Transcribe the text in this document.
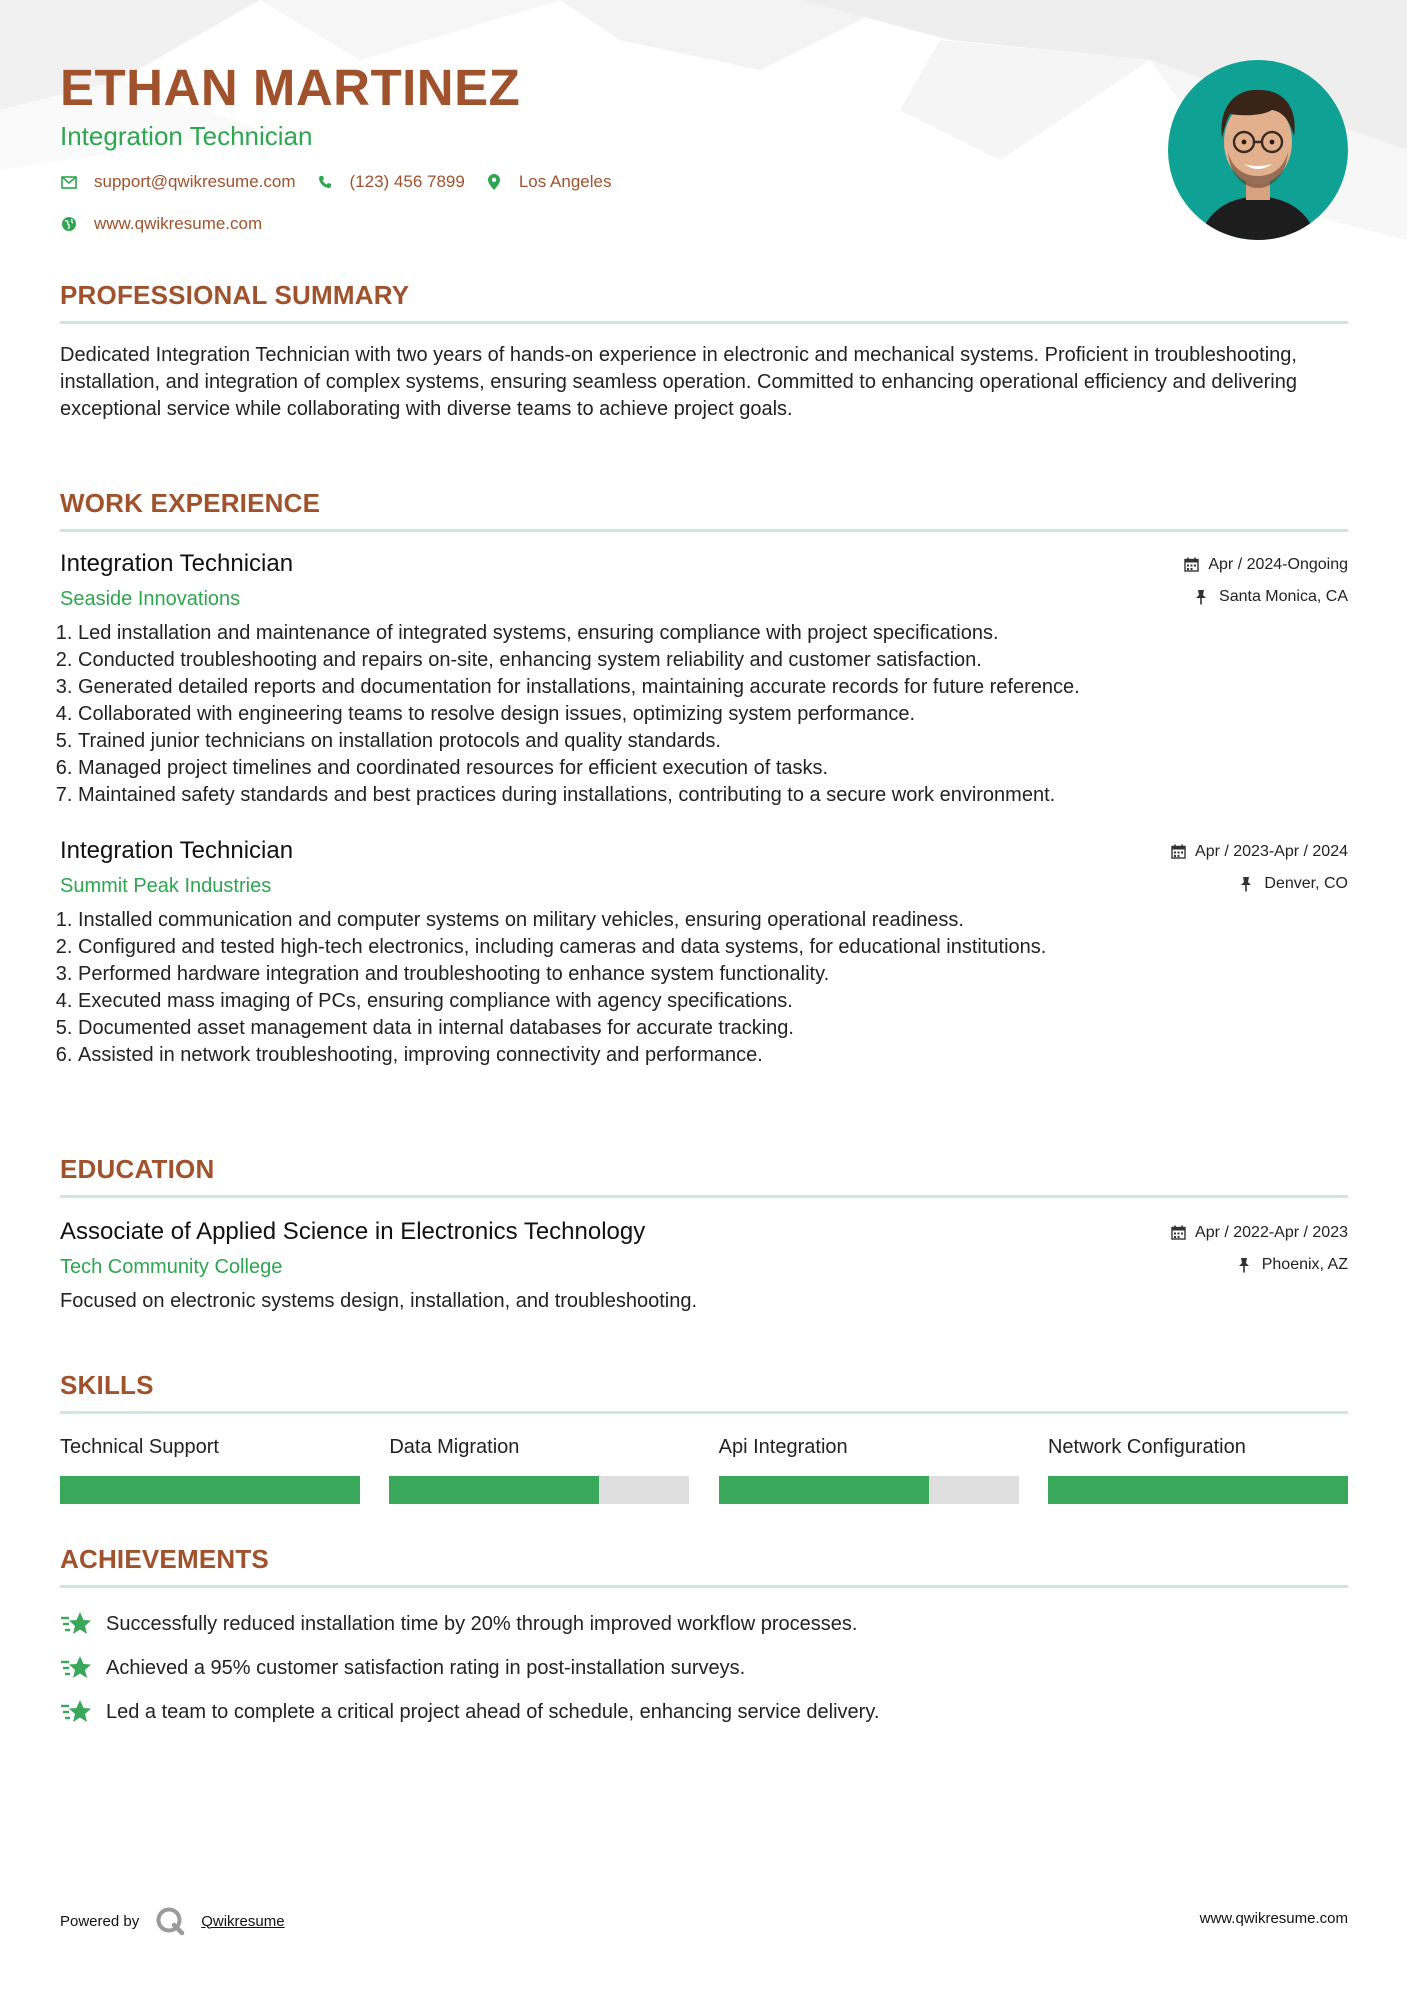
ETHAN MARTINEZ
Integration Technician
support@qwikresume.com	(123) 456 7899	Los Angeles
www.qwikresume.com
PROFESSIONAL SUMMARY

Dedicated Integration Technician with two years of hands-on experience in electronic and mechanical systems. Proficient in troubleshooting, installation, and integration of complex systems, ensuring seamless operation. Committed to enhancing operational efficiency and delivering exceptional service while collaborating with diverse teams to achieve project goals.

WORK EXPERIENCE
Integration Technician
Seaside Innovations
Apr / 2024-Ongoing
Santa Monica, CA
1. Led installation and maintenance of integrated systems, ensuring compliance with project specifications.
2. Conducted troubleshooting and repairs on-site, enhancing system reliability and customer satisfaction.
3. Generated detailed reports and documentation for installations, maintaining accurate records for future reference.
4. Collaborated with engineering teams to resolve design issues, optimizing system performance.
5. Trained junior technicians on installation protocols and quality standards.
6. Managed project timelines and coordinated resources for efficient execution of tasks.
7. Maintained safety standards and best practices during installations, contributing to a secure work environment.
Integration Technician
Summit Peak Industries
Apr / 2023-Apr / 2024
Denver, CO
1. Installed communication and computer systems on military vehicles, ensuring operational readiness.
2. Configured and tested high-tech electronics, including cameras and data systems, for educational institutions.
3. Performed hardware integration and troubleshooting to enhance system functionality.
4. Executed mass imaging of PCs, ensuring compliance with agency specifications.
5. Documented asset management data in internal databases for accurate tracking.
6. Assisted in network troubleshooting, improving connectivity and performance.
EDUCATION
Associate of Applied Science in Electronics Technology
Tech Community College
Apr / 2022-Apr / 2023
Phoenix, AZ

Focused on electronic systems design, installation, and troubleshooting.

SKILLS
Technical Support	Data Migration	Api Integration	Network Configuration
ACHIEVEMENTS
Successfully reduced installation time by 20% through improved workflow processes.
Achieved a 95% customer satisfaction rating in post-installation surveys.
Led a team to complete a critical project ahead of schedule, enhancing service delivery.
Powered by	Qwikresume	www.qwikresume.com
